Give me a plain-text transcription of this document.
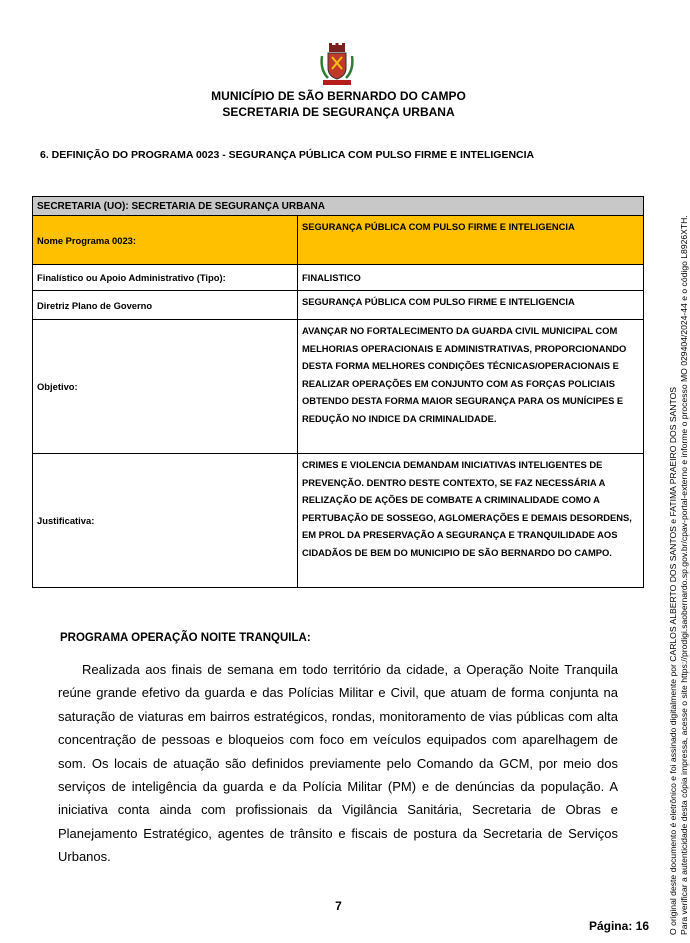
MUNICÍPIO DE SÃO BERNARDO DO CAMPO
SECRETARIA DE SEGURANÇA URBANA
6. DEFINIÇÃO DO PROGRAMA 0023 - SEGURANÇA PÚBLICA COM PULSO FIRME E INTELIGENCIA
SECRETARIA (UO): SECRETARIA DE SEGURANÇA URBANA	
Nome Programa 0023:	SEGURANÇA PÚBLICA COM PULSO FIRME E INTELIGENCIA
Finalístico ou Apoio Administrativo (Tipo):	FINALISTICO
Diretriz Plano de Governo	SEGURANÇA PÚBLICA COM PULSO FIRME E INTELIGENCIA
Objetivo:	AVANÇAR NO FORTALECIMENTO DA GUARDA CIVIL MUNICIPAL COM MELHORIAS OPERACIONAIS E ADMINISTRATIVAS, PROPORCIONANDO DESTA FORMA MELHORES CONDIÇÕES TÉCNICAS/OPERACIONAIS E REALIZAR OPERAÇÕES EM CONJUNTO COM AS FORÇAS POLICIAIS OBTENDO DESTA FORMA MAIOR SEGURANÇA PARA OS MUNÍCIPES E REDUÇÃO NO INDICE DA CRIMINALIDADE.
Justificativa:	CRIMES E VIOLENCIA DEMANDAM INICIATIVAS INTELIGENTES DE PREVENÇÃO. DENTRO DESTE CONTEXTO, SE FAZ NECESSÁRIA A RELIZAÇÃO DE AÇÕES DE COMBATE A CRIMINALIDADE COMO A PERTUBAÇÃO DE SOSSEGO, AGLOMERAÇÕES E DEMAIS DESORDENS, EM PROL DA PRESERVAÇÃO A SEGURANÇA E TRANQUILIDADE AOS CIDADÃOS DE BEM DO MUNICIPIO DE SÃO BERNARDO DO CAMPO.
PROGRAMA OPERAÇÃO NOITE TRANQUILA:
Realizada aos finais de semana em todo território da cidade, a Operação Noite Tranquila reúne grande efetivo da guarda e das Polícias Militar e Civil, que atuam de forma conjunta na saturação de viaturas em bairros estratégicos, rondas, monitoramento de vias públicas com alta concentração de pessoas e bloqueios com foco em veículos equipados com aparelhagem de som. Os locais de atuação são definidos previamente pelo Comando da GCM, por meio dos serviços de inteligência da guarda e da Polícia Militar (PM) e de denúncias da população. A iniciativa conta ainda com profissionais da Vigilância Sanitária, Secretaria de Obras e Planejamento Estratégico, agentes de trânsito e fiscais de postura da Secretaria de Serviços Urbanos.
7
Página: 16 O original deste documento é eletrônico e foi assinado digitalmente por CARLOS ALBERTO DOS SANTOS e FATIMA PRAEIRO DOS SANTOS Para verificar a autenticidade desta cópia impressa, acesse o site https://prodigi.saobernardo.sp.gov.br/cpav-portal-externo e informe o processo MO 029404/2024-44 e o código L8926XTH.
